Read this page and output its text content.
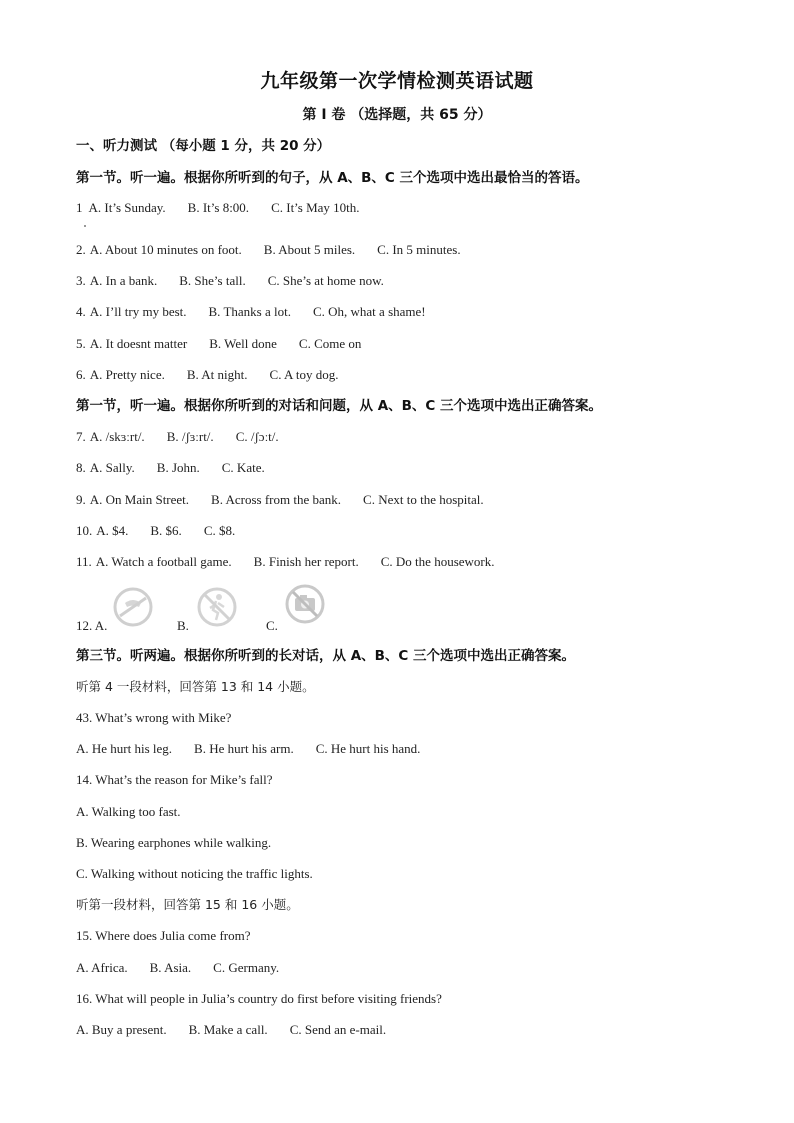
九年级第一次学情检测英语试题
第 I 卷 （选择题，共 65 分）
一、听力测试 （每小题 1 分，共 20 分）
第一节。听一遍。根据你所听到的句子，从 A、B、C 三个选项中选出最恰当的答语。
1 A. It’s Sunday. B. It’s 8:00. C. It’s May 10th.
2. A. About 10 minutes on foot. B. About 5 miles. C. In 5 minutes.
3. A. In a bank. B. She’s tall. C. She’s at home now.
4. A. I’ll try my best. B. Thanks a lot. C. Oh, what a shame!
5. A. It doesnt matter B. Well done C. Come on
6. A. Pretty nice. B. At night. C. A toy dog.
第一节，听一遍。根据你所听到的对话和问题，从 A、B、C 三个选项中选出正确答案。
7. A. /skɜːrt/. B. /ʃɜːrt/. C. /ʃɔːt/.
8. A. Sally. B. John. C. Kate.
9. A. On Main Street. B. Across from the bank. C. Next to the hospital.
10. A. $4. B. $6. C. $8.
11. A. Watch a football game. B. Finish her report. C. Do the housework.
12. A.	B.	C.
第三节。听两遍。根据你所听到的长对话，从 A、B、C 三个选项中选出正确答案。
听第 4 一段材料，回答第 13 和 14 小题。
43. What’s wrong with Mike?
A. He hurt his leg. B. He hurt his arm. C. He hurt his hand.
14. What’s the reason for Mike’s fall?
A. Walking too fast.
B. Wearing earphones while walking.
C. Walking without noticing the traffic lights.
听第一段材料，回答第 15 和 16 小题。
15. Where does Julia come from?
A. Africa. B. Asia. C. Germany.
16. What will people in Julia’s country do first before visiting friends?
A. Buy a present. B. Make a call. C. Send an e-mail.
